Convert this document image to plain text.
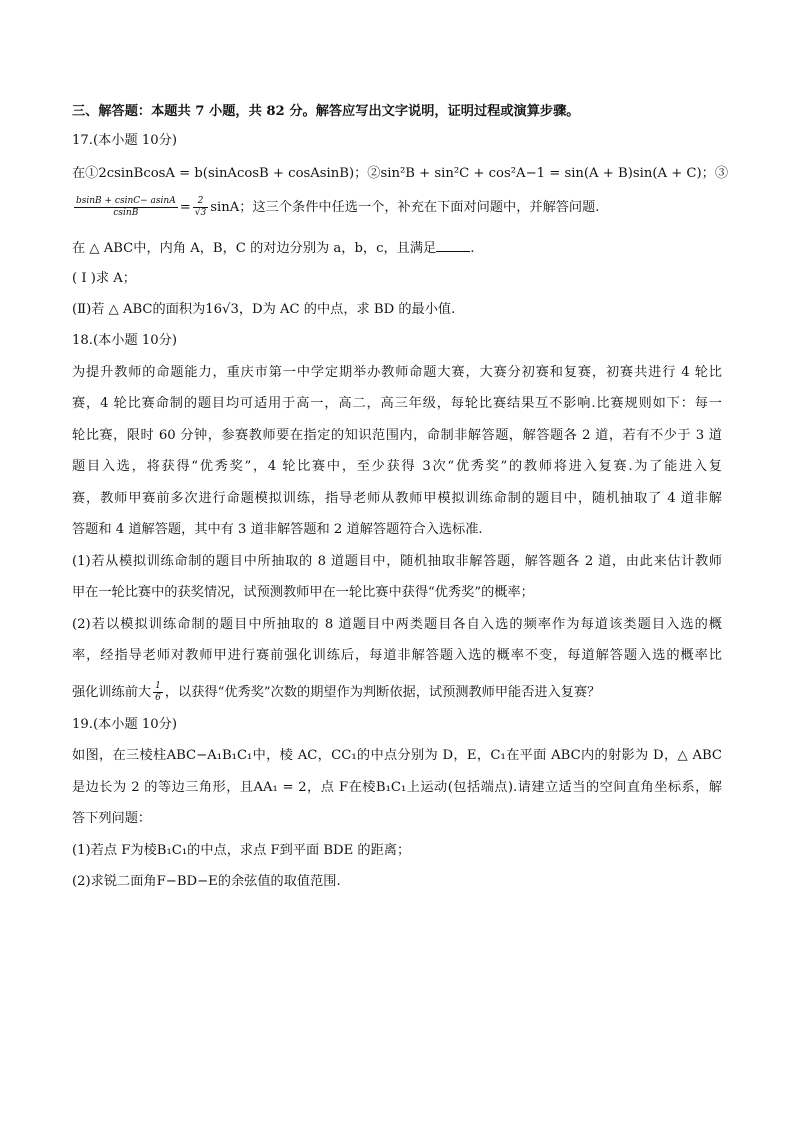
三、解答题：本题共 7 小题，共 82 分。解答应写出文字说明，证明过程或演算步骤。
17.(本小题 10分)
在①2csinBcosA = b(sinAcosB + cosAsinB)；②sin²B + sin²C + cos²A−1 = sin(A + B)sin(A + C)；③
$\frac{bsinB + csinC- asinA}{csinB} = \frac{2}{√3}$ sinA；这三个条件中任选一个，补充在下面对问题中，并解答问题.
在 △ ABC中，内角 A，B，C 的对边分别为 a，b，c，且满足	.
( Ⅰ )求 A；
(Ⅱ)若 △ ABC的面积为16√3，D为 AC 的中点，求 BD 的最小值.
18.(本小题 10分)
为提升教师的命题能力，重庆市第一中学定期举办教师命题大赛，大赛分初赛和复赛，初赛共进行 4 轮比
赛，4 轮比赛命制的题目均可适用于高一，高二，高三年级，每轮比赛结果互不影响.比赛规则如下：每一
轮比赛，限时 60 分钟，参赛教师要在指定的知识范围内，命制非解答题，解答题各 2 道，若有不少于 3 道
题目入选，将获得“优秀奖”，4 轮比赛中，至少获得 3次“优秀奖”的教师将进入复赛.为了能进入复
赛，教师甲赛前多次进行命题模拟训练，指导老师从教师甲模拟训练命制的题目中，随机抽取了 4 道非解
答题和 4 道解答题，其中有 3 道非解答题和 2 道解答题符合入选标准.
(1)若从模拟训练命制的题目中所抽取的 8 道题目中，随机抽取非解答题，解答题各 2 道，由此来估计教师
甲在一轮比赛中的获奖情况，试预测教师甲在一轮比赛中获得“优秀奖”的概率；
(2)若以模拟训练命制的题目中所抽取的 8 道题目中两类题目各自入选的频率作为每道该类题目入选的概
率，经指导老师对教师甲进行赛前强化训练后，每道非解答题入选的概率不变，每道解答题入选的概率比
强化训练前大 $\frac{1}{6}$ ，以获得“优秀奖”次数的期望作为判断依据，试预测教师甲能否进入复赛？
19.(本小题 10分)
如图，在三棱柱ABC−A₁B₁C₁中，棱 AC，CC₁的中点分别为 D，E，C₁在平面 ABC内的射影为 D，△ ABC
是边长为 2 的等边三角形，且AA₁ = 2，点 F在棱B₁C₁上运动(包括端点).请建立适当的空间直角坐标系，解
答下列问题：
(1)若点 F为棱B₁C₁的中点，求点 F到平面 BDE 的距离；
(2)求锐二面角F−BD−E的余弦值的取值范围.
